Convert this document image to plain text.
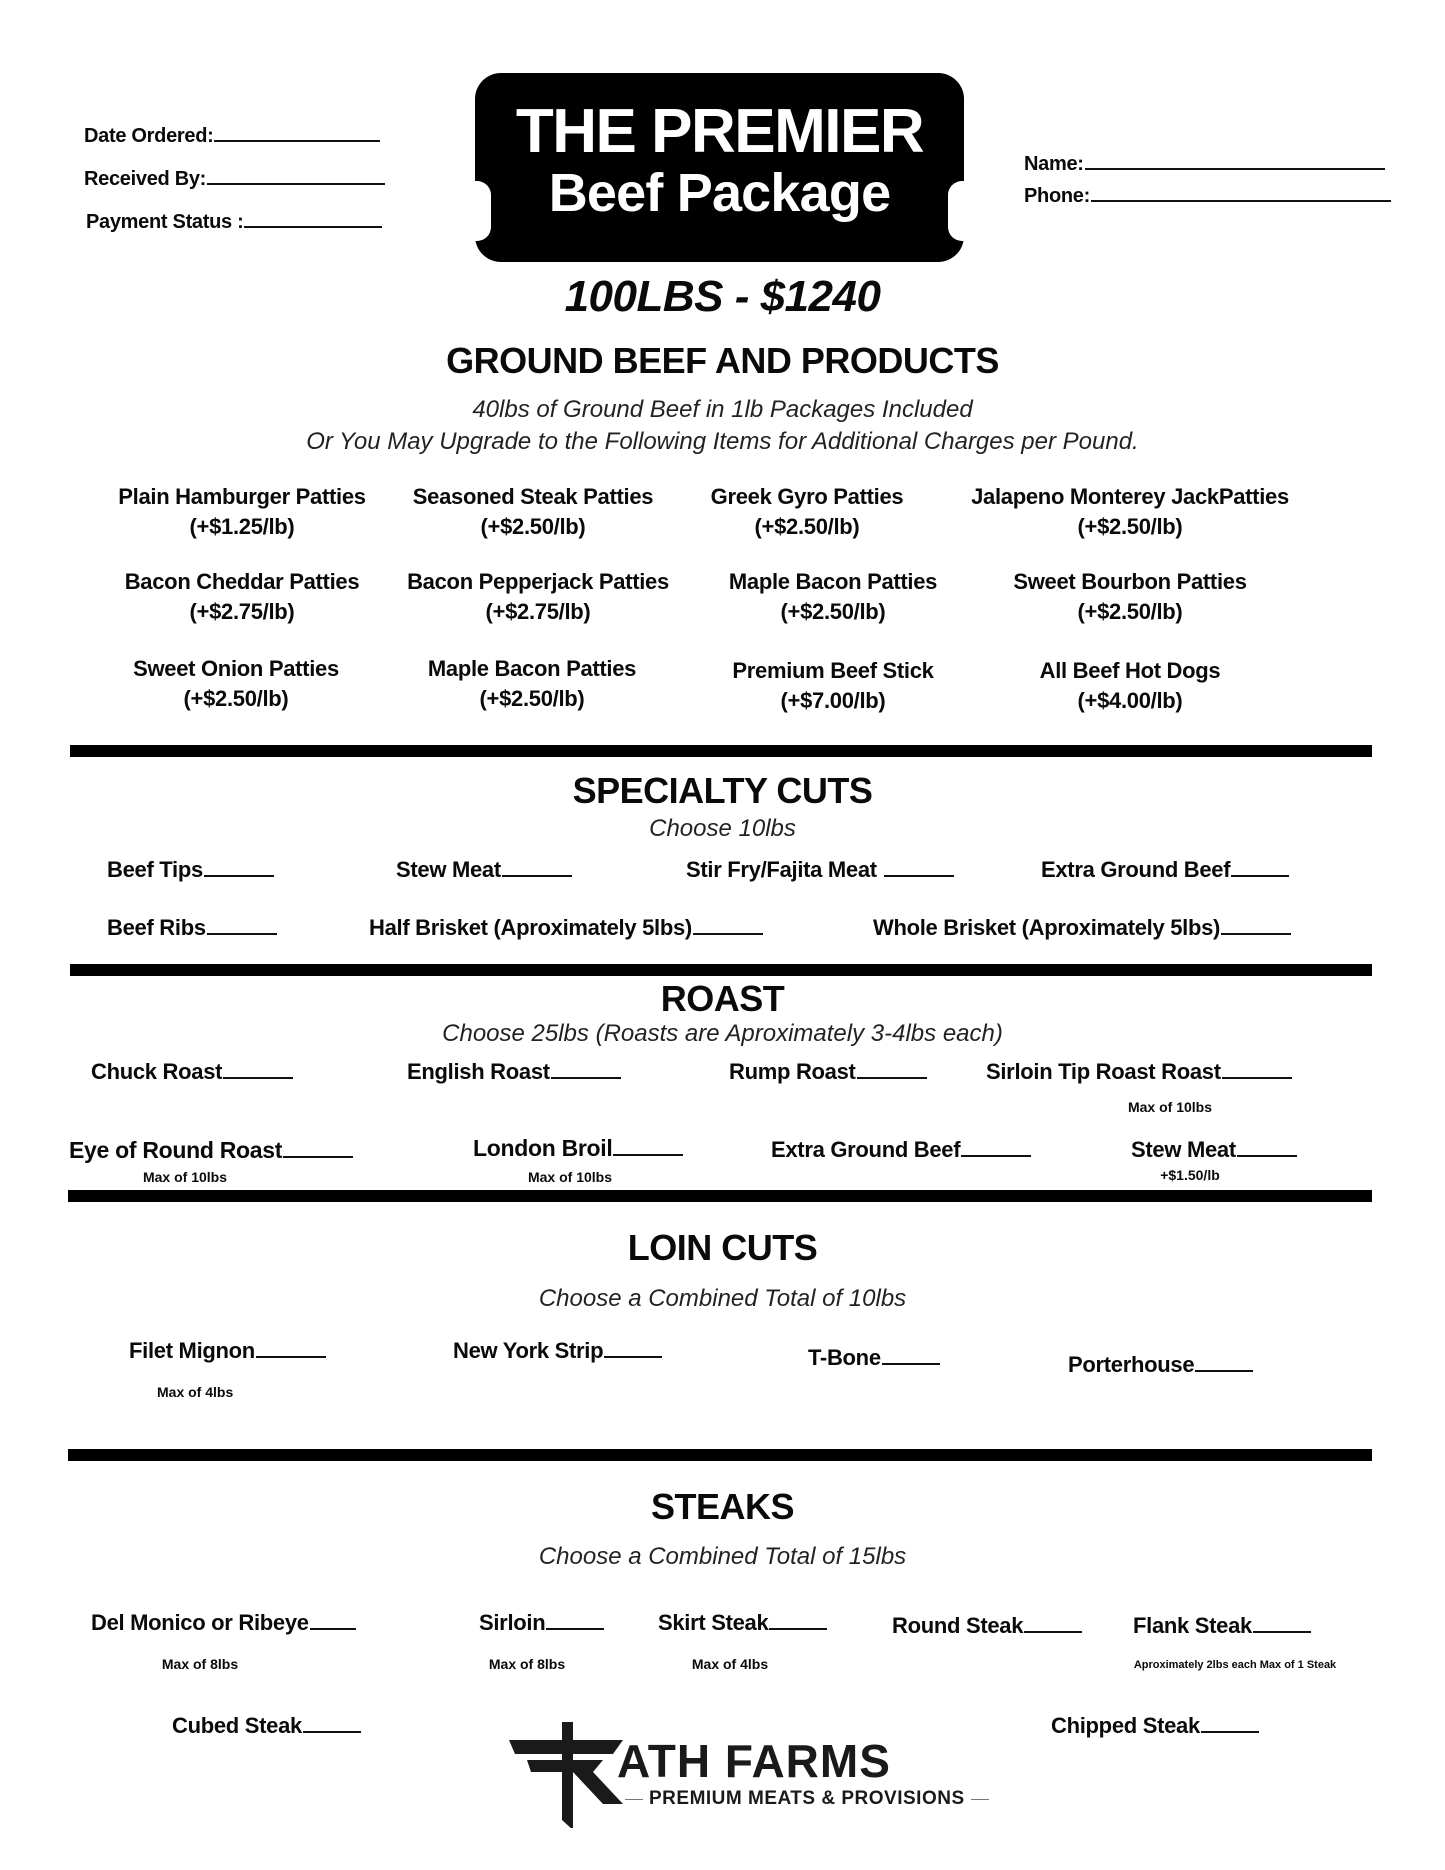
Date Ordered:
Received By:
Payment Status :
THE PREMIER
Beef Package	Name:
Phone:
100LBS - $1240
GROUND BEEF AND PRODUCTS
40lbs of Ground Beef in 1lb Packages Included
Or You May Upgrade to the Following Items for Additional Charges per Pound.
Plain Hamburger Patties
(+$1.25/lb)
Seasoned Steak Patties
(+$2.50/lb)
Greek Gyro Patties
(+$2.50/lb)
Jalapeno Monterey JackPatties
(+$2.50/lb)
Bacon Cheddar Patties
(+$2.75/lb)
Bacon Pepperjack Patties
(+$2.75/lb)
Maple Bacon Patties
(+$2.50/lb)
Sweet Bourbon Patties
(+$2.50/lb)
Sweet Onion Patties
(+$2.50/lb)
Maple Bacon Patties
(+$2.50/lb)
Premium Beef Stick
(+$7.00/lb)
All Beef Hot Dogs
(+$4.00/lb)
SPECIALTY CUTS
Choose 10lbs
Beef Tips	Stew Meat	Stir Fry/Fajita Meat	Extra Ground Beef
Beef Ribs	Half Brisket (Aproximately 5lbs)	Whole Brisket (Aproximately 5lbs)
ROAST
Choose 25lbs (Roasts are Aproximately 3-4lbs each)
Chuck Roast	English Roast	Rump Roast	Sirloin Tip Roast Roast
Max of 10lbs
Eye of Round Roast
Max of 10lbs
London Broil
Max of 10lbs
Extra Ground Beef	Stew Meat
+$1.50/lb
LOIN CUTS
Choose a Combined Total of 10lbs
Filet Mignon
Max of 4lbs
New York Strip	T-Bone	Porterhouse
STEAKS
Choose a Combined Total of 15lbs
Del Monico or Ribeye
Max of 8lbs
Sirloin
Max of 8lbs
Skirt Steak
Max of 4lbs
Round Steak	Flank Steak
Aproximately 2lbs each Max of 1 Steak
Cubed Steak	Chipped Steak
ATH FARMS
PREMIUM MEATS & PROVISIONS
